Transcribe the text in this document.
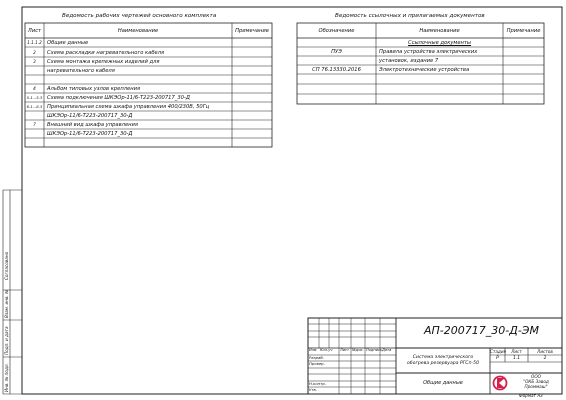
Ведомость рабочих чертежей основного комплекта
Лист	Наименование	Примечание
1.1.1.2 Общие данные
2	Схема раскладки нагревательного кабеля
3	Схема монтажа крепежных изделий для
нагревательного кабеля
4	Альбом типовых узлов крепления
5.1...5.3 Схема подключения ШКЭОр-11/6-Т223-200717_30-Д
6.1...6.3 Принципиальная схема шкафа управления 400/230В, 50Гц
ШКЭОр-11/6-Т223-200717_30-Д
7	Внешний вид шкафа управления
ШКЭОр-11/6-Т223-200717_30-Д
Ведомость ссылочных и прилагаемых документов
Обозначение	Наименование	Примечание
Ссылочные документы
ПУЭ	Правила устройства электрических
установок, издание 7
СП 76.13330.2016	Электротехнические устройства
АП-200717_30-Д-ЭМ
Изм. Кол.уч Лист №док. Подпись Дата
Разраб.
Провер.
Н.контр.
Утв.
Система электрического
обогрева резервуара РГСп-50
Общие данные
Стадия	Лист	Листов
Р	1.1	2
ООО
"ОКБ Завод
Проммаш"
Формат А3
Согласовано
Взам. инв. №
Подп. и дата
Инв. № подл.
